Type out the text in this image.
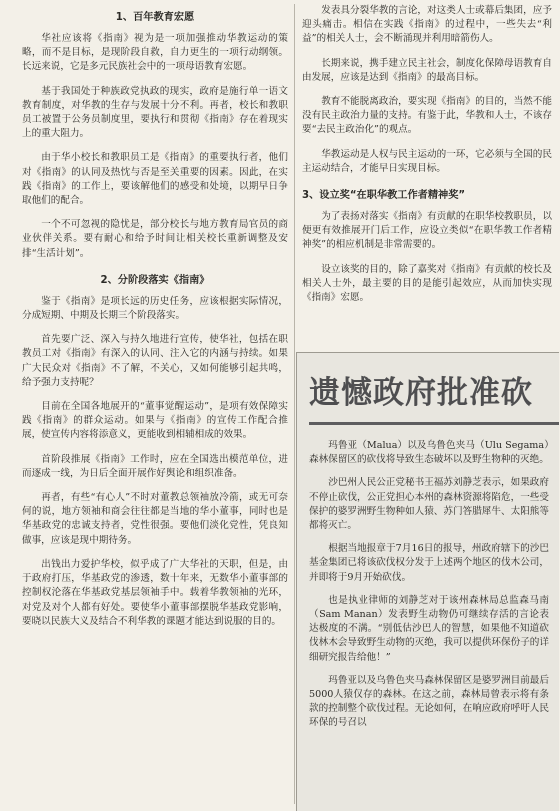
1、百年教育宏愿

华社应该将《指南》视为是一项加强推动华教运动的策略，而不是目标，是现阶段自救，自力更生的一项行动纲领。长远来说，它是多元民族社会中的一项母语教育宏愿。

基于我国处于种族政党执政的现实，政府是施行单一语文教育制度，对华教的生存与发展十分不利。再者，校长和教职员工被置于公务员制度里，要执行和贯彻《指南》存在着现实上的重大阻力。

由于华小校长和教职员工是《指南》的重要执行者，他们对《指南》的认同及热忱与否是至关重要的因素。因此，在实践《指南》的工作上，要该解他们的感受和处境，以期早日争取他们的配合。

一个不可忽视的隐忧是，部分校长与地方教育局官员的商业伙伴关系。要有耐心和给予时间让相关校长重新调整及安排“生活计划”。

2、分阶段落实《指南》

鉴于《指南》是项长远的历史任务，应该根据实际情况，分成短期、中期及长期三个阶段落实。

首先要广泛、深入与持久地进行宣传，使华社，包括在职教员工对《指南》有深入的认同、注入它的内涵与持续。如果广大民众对《指南》不了解，不关心，又如何能够引起共鸣，给予强力支持呢？

目前在全国各地展开的“董事觉醒运动”，是项有效保障实践《指南》的群众运动。如果与《指南》的宣传工作配合推展，使宣传内容将添意义，更能收到相辅相成的效果。

首阶段推展《指南》工作时，应在全国选出模范单位，进而逐成一线，为日后全面开展作好舆论和组织准备。

再者，有些“有心人”不时对董教总领袖放冷箭，或无可奈何的说，地方领袖和商会往往都是当地的华小董事，同时也是华基政党的忠诚支持者，党性很强。要他们淡化党性，凭良知做事，应该是现中期待务。

出钱出力爱护华校，似乎成了广大华社的天职，但是，由于政府打压，华基政党的渗透，数十年来，无数华小董事部的控制权沦落在华基政党基层领袖手中。载着华教领袖的光环，对党及对个人都有好处。要使华小董事部摆脱华基政党影响，要晓以民族大义及结合不利华教的课题才能达到说服的目的。

发表具分裂华教的言论，对这类人士或幕后集团，应予迎头痛击。相信在实践《指南》的过程中，一些失去“利益”的相关人士，会不断涌现并利用暗箭伤人。

长期来说，携手建立民主社会，制度化保障母语教育自由发展，应该是达到《指南》的最高目标。

教育不能脱离政治，要实现《指南》的目的，当然不能没有民主政治力量的支持。有鉴于此，华教和人士，不该存要“去民主政治化”的观点。

华教运动是人权与民主运动的一环，它必须与全国的民主运动结合，才能早日实现目标。

3、设立奖“在职华教工作者精神奖”

为了表扬对落实《指南》有贡献的在职华校教职员，以便更有效推展开门后工作，应设立类似“在职华教工作者精神奖”的相应机制是非常需要的。

设立该奖的目的，除了嘉奖对《指南》有贡献的校长及相关人士外，最主要的目的是能引起效应，从而加快实现《指南》宏愿。

遗憾政府批准砍

玛鲁亚（Malua）以及乌鲁色夹马（Ulu Segama）森林保留区的砍伐将导致生态破坏以及野生物种的灭绝。

沙巴州人民公正党秘书王福苏刘静芝表示，如果政府不停止砍伐，公正党担心本州的森林资源将陷危，一些受保护的婆罗洲野生物种如人猿、苏门答腊犀牛、太阳熊等都将灭亡。

根据当地报章于7月16日的报导，州政府辖下的沙巴基金集团已将该砍伐权分发于上述两个地区的伐木公司，并即将于9月开始砍伐。

也是执业律师的刘静芝对于该州森林局总监森马南（Sam Manan）发表野生动物仍可继续存活的言论表达极度的不满。“别低估沙巴人的智慧，如果他不知道砍伐林木会导致野生动物的灭绝，我可以提供环保份子的详细研究报告给他！”

玛鲁亚以及乌鲁色夹马森林保留区是婆罗洲目前最后5000人猿仅存的森林。在这之前，森林局曾表示将有条款的控制整个砍伐过程。无论如何，在响应政府呼吁人民环保的号召以
